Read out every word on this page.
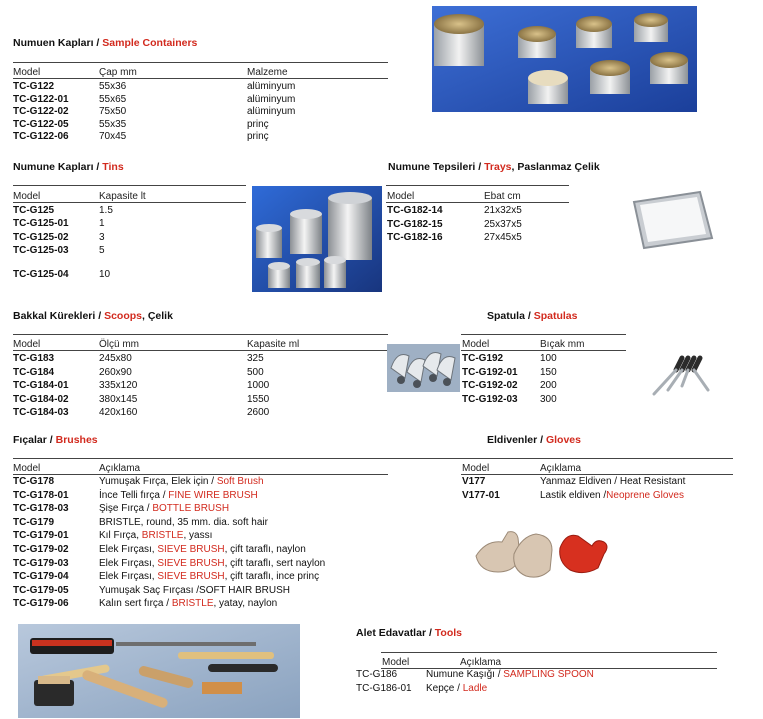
Numuen Kapları / Sample Containers
Model	Çap mm	Malzeme
TC-G122	55x36	alüminyum
TC-G122-01	55x65	alüminyum
TC-G122-02	75x50	alüminyum
TC-G122-05	55x35	prinç
TC-G122-06	70x45	prinç
Numune Kapları / Tins
Model	Kapasite lt
TC-G125	1.5
TC-G125-01	1
TC-G125-02	3
TC-G125-03	5
TC-G125-04	10
Numune Tepsileri / Trays, Paslanmaz Çelik
Model	Ebat cm
TC-G182-14	21x32x5
TC-G182-15	25x37x5
TC-G182-16	27x45x5
Bakkal Kürekleri / Scoops, Çelik
Model	Ölçü mm	Kapasite ml
TC-G183	245x80	325
TC-G184	260x90	500
TC-G184-01	335x120	1000
TC-G184-02	380x145	1550
TC-G184-03	420x160	2600
Spatula / Spatulas
Model	Bıçak mm
TC-G192	100
TC-G192-01 150
TC-G192-02 200
TC-G192-03 300
Fıçalar / Brushes
Model	Açıklama
TC-G178	Yumuşak Fırça, Elek için / Soft Brush
TC-G178-01	İnce Telli fırça / FINE WIRE BRUSH
TC-G178-03	Şişe Fırça / BOTTLE BRUSH
TC-G179	BRISTLE, round, 35 mm. dia. soft hair
TC-G179-01	Kıl Fırça, BRISTLE, yassı
TC-G179-02	Elek Fırçası, SIEVE BRUSH, çift taraflı, naylon
TC-G179-03	Elek Fırçası, SIEVE BRUSH, çift taraflı, sert naylon
TC-G179-04	Elek Fırçası, SIEVE BRUSH, çift taraflı, ince prinç
TC-G179-05	Yumuşak Saç Fırçası /SOFT HAIR BRUSH
TC-G179-06	Kalın sert fırça / BRISTLE, yatay, naylon
Eldivenler / Gloves
Model	Açıklama
V177	Yanmaz Eldiven / Heat Resistant
V177-01	Lastik eldiven /Neoprene Gloves
Alet Edavatlar / Tools
Model	Açıklama
TC-G186	Numune Kaşığı / SAMPLING SPOON
TC-G186-01 Kepçe / Ladle
